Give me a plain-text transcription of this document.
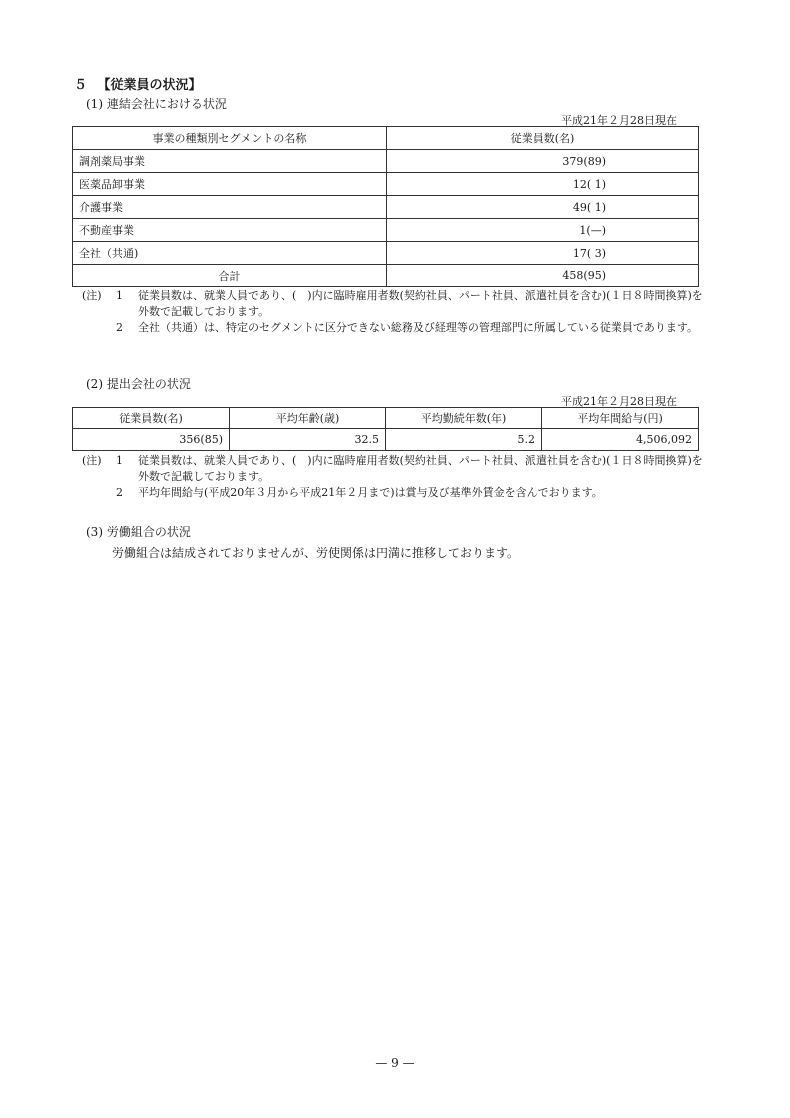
５ 【従業員の状況】
(1) 連結会社における状況
平成21年２月28日現在
事業の種類別セグメントの名称	従業員数(名)
調剤薬局事業	379(89)
医薬品卸事業	12( 1)
介護事業	49( 1)
不動産事業	1(—)
全社（共通)	17( 3)
合計	458(95)
(注) 1 従業員数は、就業人員であり、(　)内に臨時雇用者数(契約社員、パート社員、派遣社員を含む)(１日８時間換算)を外数で記載しております。
2 全社（共通）は、特定のセグメントに区分できない総務及び経理等の管理部門に所属している従業員であります。
(2) 提出会社の状況
平成21年２月28日現在
従業員数(名)	平均年齢(歳)	平均勤続年数(年)	平均年間給与(円)
356(85)	32.5	5.2	4,506,092
(注) 1 従業員数は、就業人員であり、(　)内に臨時雇用者数(契約社員、パート社員、派遣社員を含む)(１日８時間換算)を外数で記載しております。
2 平均年間給与(平成20年３月から平成21年２月まで)は賞与及び基準外賃金を含んでおります。
(3) 労働組合の状況
労働組合は結成されておりませんが、労使関係は円満に推移しております。
— 9 —
